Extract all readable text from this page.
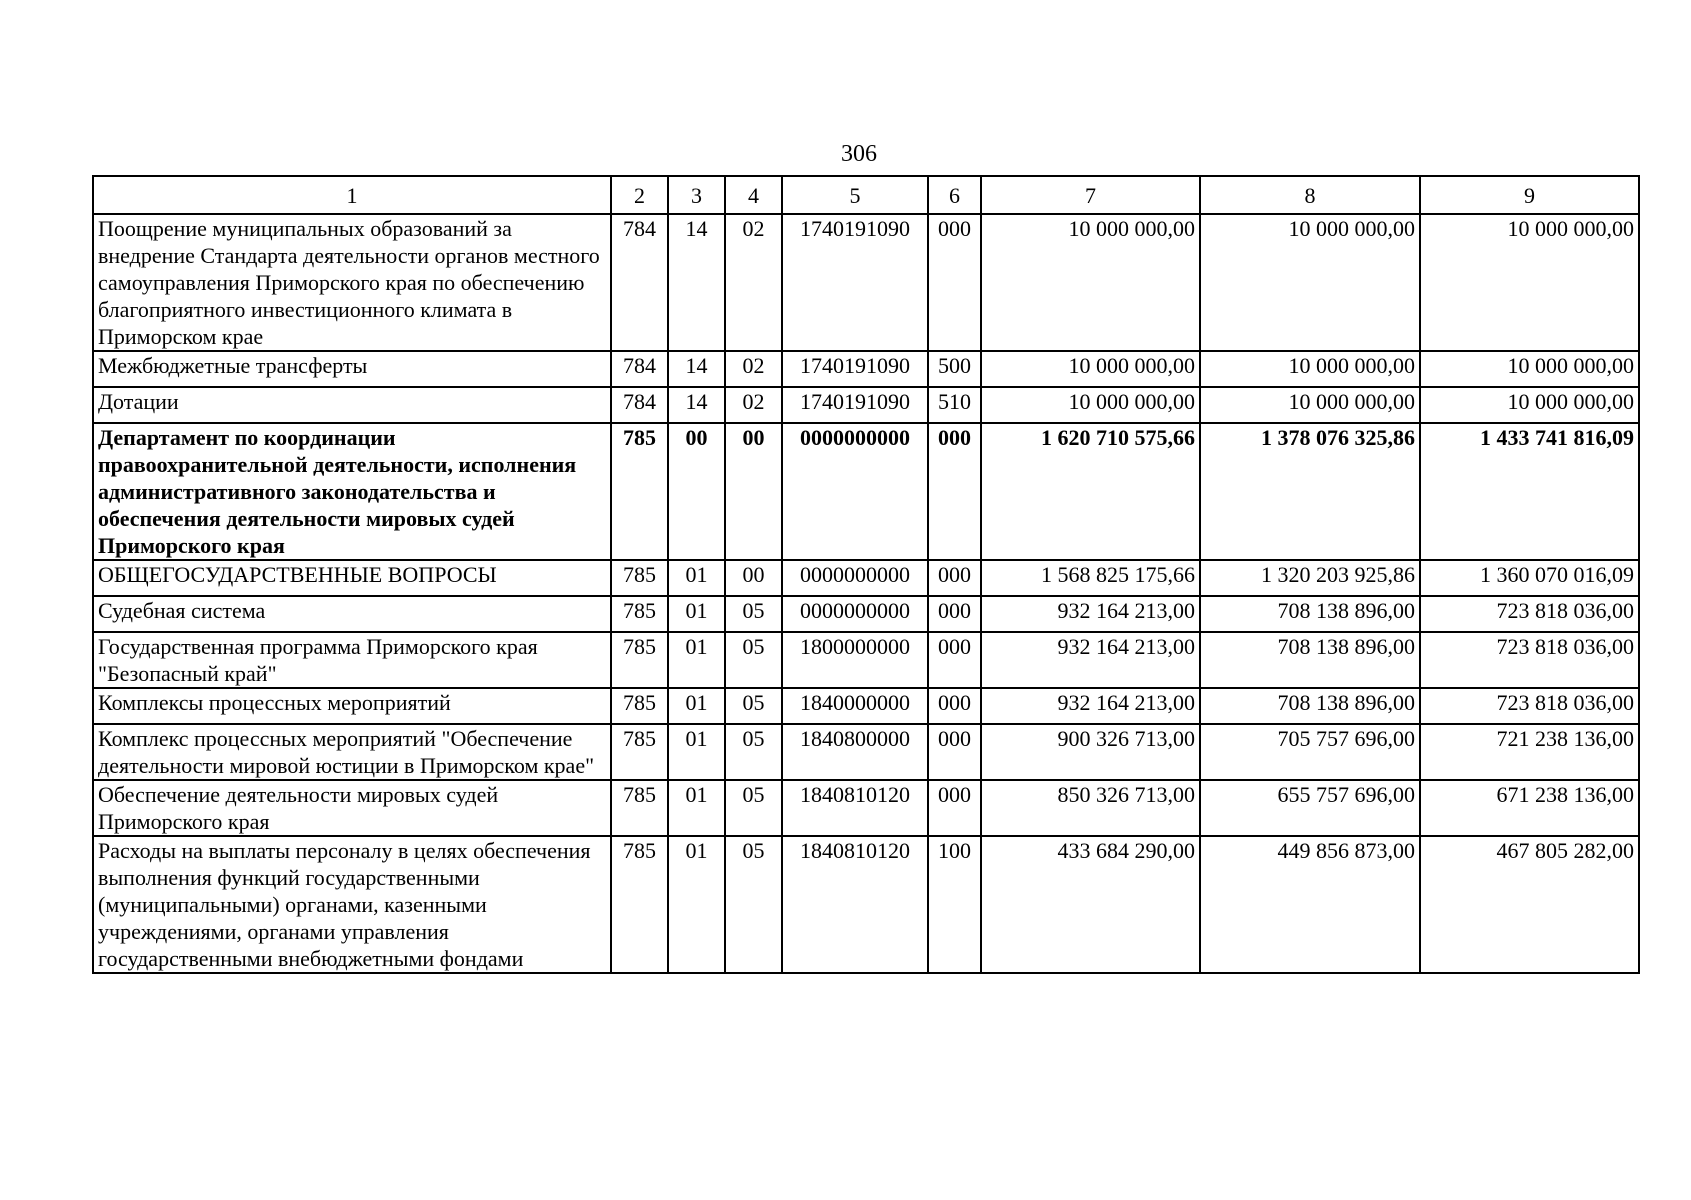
306
1	2	3	4	5	6	7	8	9
Поощрение муниципальных образований за внедрение Стандарта деятельности органов местного самоуправления Приморского края по обеспечению благоприятного инвестиционного климата в Приморском крае	784	14	02	1740191090	000	10 000 000,00	10 000 000,00	10 000 000,00
Межбюджетные трансферты	784	14	02	1740191090	500	10 000 000,00	10 000 000,00	10 000 000,00
Дотации	784	14	02	1740191090	510	10 000 000,00	10 000 000,00	10 000 000,00
Департамент по координации правоохранительной деятельности, исполнения административного законодательства и обеспечения деятельности мировых судей Приморского края	785	00	00	0000000000	000	1 620 710 575,66	1 378 076 325,86	1 433 741 816,09
ОБЩЕГОСУДАРСТВЕННЫЕ ВОПРОСЫ	785	01	00	0000000000	000	1 568 825 175,66	1 320 203 925,86	1 360 070 016,09
Судебная система	785	01	05	0000000000	000	932 164 213,00	708 138 896,00	723 818 036,00
Государственная программа Приморского края "Безопасный край"	785	01	05	1800000000	000	932 164 213,00	708 138 896,00	723 818 036,00
Комплексы процессных мероприятий	785	01	05	1840000000	000	932 164 213,00	708 138 896,00	723 818 036,00
Комплекс процессных мероприятий "Обеспечение деятельности мировой юстиции в Приморском крае"	785	01	05	1840800000	000	900 326 713,00	705 757 696,00	721 238 136,00
Обеспечение деятельности мировых судей Приморского края	785	01	05	1840810120	000	850 326 713,00	655 757 696,00	671 238 136,00
Расходы на выплаты персоналу в целях обеспечения выполнения функций государственными (муниципальными) органами, казенными учреждениями, органами управления государственными внебюджетными фондами	785	01	05	1840810120	100	433 684 290,00	449 856 873,00	467 805 282,00
